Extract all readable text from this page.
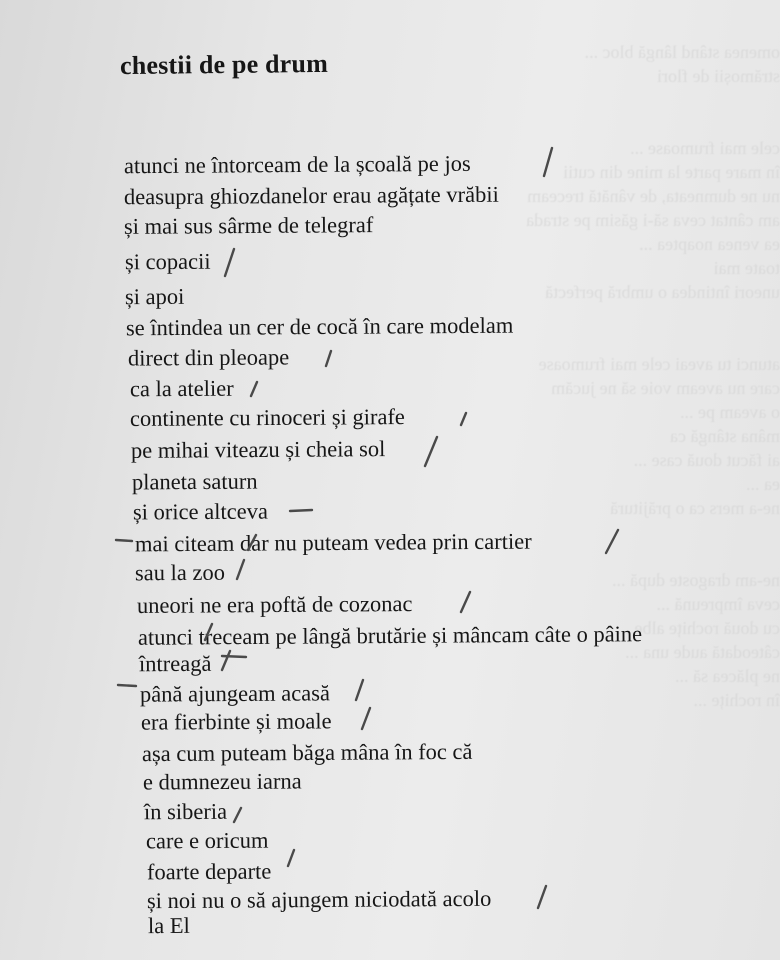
omenea stând lângă bloc ...
strămoșii de flori

cele mai frumoase ...
în mare parte la mine din cutii
nu ne dumneata, de vânătă treceam
am cântat ceva să-i găsim pe strada
ea venea noaptea ...
toate mai
uneori întindea o umbră perfectă

atunci tu aveai cele mai frumoase
care nu aveam voie să ne jucăm
o aveam pe ...
mâna stângă ca
ai făcut două case ...
ea ...
ne-a mers ca o prăjitură

ne-am dragoste după ...
ceva împreună ...
cu două rochițe albe ...
câteodată aude una ...
ne plăcea să ...
în rochițe ...
chestii de pe drum
atunci ne întorceam de la școală pe jos
deasupra ghiozdanelor erau agățate vrăbii
și mai sus sârme de telegraf
și copacii
și apoi
se întindea un cer de cocă în care modelam
direct din pleoape
ca la atelier
continente cu rinoceri și girafe
pe mihai viteazu și cheia sol
planeta saturn
și orice altceva
mai citeam dar nu puteam vedea prin cartier
sau la zoo
uneori ne era poftă de cozonac
atunci treceam pe lângă brutărie și mâncam câte o pâine
întreagă
până ajungeam acasă
era fierbinte și moale
așa cum puteam băga mâna în foc că
e dumnezeu iarna
în siberia
care e oricum
foarte departe
și noi nu o să ajungem niciodată acolo
la El
